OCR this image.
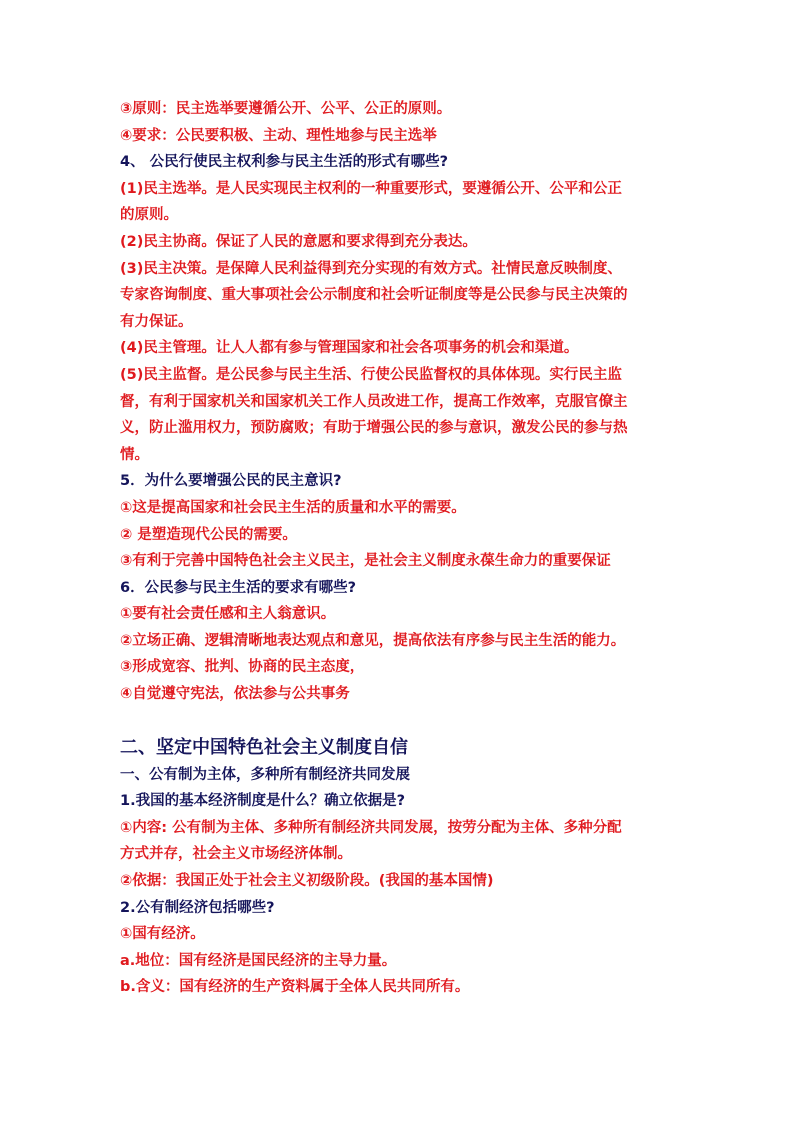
③原则：民主选举要遵循公开、公平、公正的原则。
④要求：公民要积极、主动、理性地参与民主选举
4、 公民行使民主权利参与民主生活的形式有哪些?
(1)民主选举。是人民实现民主权利的一种重要形式，要遵循公开、公平和公正
的原则。
(2)民主协商。保证了人民的意愿和要求得到充分表达。
(3)民主决策。是保障人民利益得到充分实现的有效方式。社情民意反映制度、
专家咨询制度、重大事项社会公示制度和社会听证制度等是公民参与民主决策的
有力保证。
(4)民主管理。让人人都有参与管理国家和社会各项事务的机会和渠道。
(5)民主监督。是公民参与民主生活、行使公民监督权的具体体现。实行民主监
督，有利于国家机关和国家机关工作人员改进工作，提高工作效率，克服官僚主
义，防止滥用权力，预防腐败；有助于增强公民的参与意识，激发公民的参与热
情。
5．为什么要增强公民的民主意识?
①这是提高国家和社会民主生活的质量和水平的需要。
② 是塑造现代公民的需要。
③有利于完善中国特色社会主义民主，是社会主义制度永葆生命力的重要保证
6．公民参与民主生活的要求有哪些?
①要有社会责任感和主人翁意识。
②立场正确、逻辑清晰地表达观点和意见，提高依法有序参与民主生活的能力。
③形成宽容、批判、协商的民主态度，
④自觉遵守宪法，依法参与公共事务
二、坚定中国特色社会主义制度自信
一、公有制为主体，多种所有制经济共同发展
1.我国的基本经济制度是什么？确立依据是?
①内容: 公有制为主体、多种所有制经济共同发展，按劳分配为主体、多种分配
方式并存，社会主义市场经济体制。
②依据：我国正处于社会主义初级阶段。(我国的基本国情)
2.公有制经济包括哪些?
①国有经济。
a.地位：国有经济是国民经济的主导力量。
b.含义：国有经济的生产资料属于全体人民共同所有。
